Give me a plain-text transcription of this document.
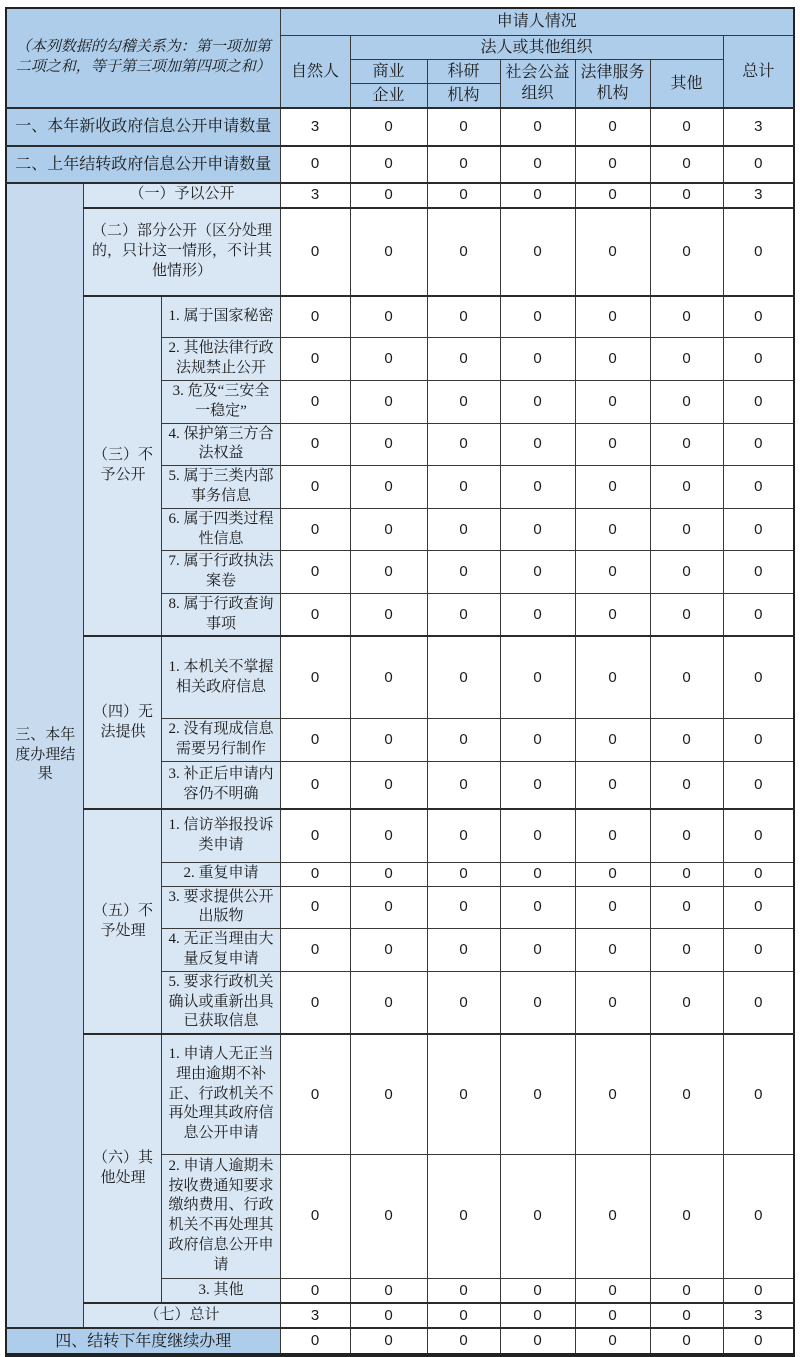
（本列数据的勾稽关系为：第一项加第二项之和，等于第三项加第四项之和）			申请人情况						
			自然人	法人或其他组织					总计
				商业	科研	社会公益组织	法律服务机构	其他	
				企业	机构				
一、本年新收政府信息公开申请数量			3	0	0	0	0	0	3
二、上年结转政府信息公开申请数量			0	0	0	0	0	0	0
三、本年度办理结果	（一）予以公开		3	0	0	0	0	0	3
	（二）部分公开（区分处理的，只计这一情形，不计其他情形）		0	0	0	0	0	0	0
	（三）不予公开	1. 属于国家秘密	0	0	0	0	0	0	0
		2. 其他法律行政法规禁止公开	0	0	0	0	0	0	0
		3. 危及“三安全一稳定”	0	0	0	0	0	0	0
		4. 保护第三方合法权益	0	0	0	0	0	0	0
		5. 属于三类内部事务信息	0	0	0	0	0	0	0
		6. 属于四类过程性信息	0	0	0	0	0	0	0
		7. 属于行政执法案卷	0	0	0	0	0	0	0
		8. 属于行政查询事项	0	0	0	0	0	0	0
	（四）无法提供	1. 本机关不掌握相关政府信息	0	0	0	0	0	0	0
		2. 没有现成信息需要另行制作	0	0	0	0	0	0	0
		3. 补正后申请内容仍不明确	0	0	0	0	0	0	0
	（五）不予处理	1. 信访举报投诉类申请	0	0	0	0	0	0	0
		2. 重复申请	0	0	0	0	0	0	0
		3. 要求提供公开出版物	0	0	0	0	0	0	0
		4. 无正当理由大量反复申请	0	0	0	0	0	0	0
		5. 要求行政机关确认或重新出具已获取信息	0	0	0	0	0	0	0
	（六）其他处理	1. 申请人无正当理由逾期不补正、行政机关不再处理其政府信息公开申请	0	0	0	0	0	0	0
		2. 申请人逾期未按收费通知要求缴纳费用、行政机关不再处理其政府信息公开申请	0	0	0	0	0	0	0
		3. 其他	0	0	0	0	0	0	0
	（七）总计		3	0	0	0	0	0	3
四、结转下年度继续办理			0	0	0	0	0	0	0
